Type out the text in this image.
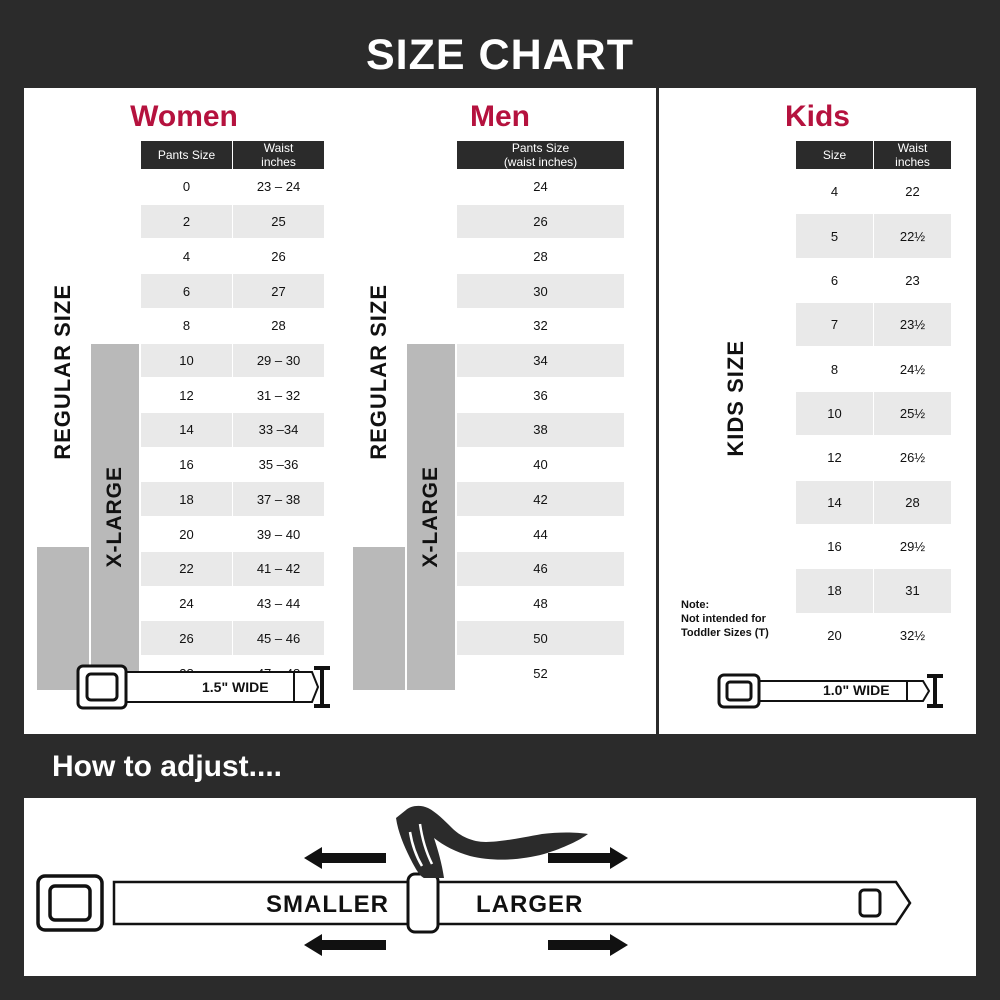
SIZE CHART
Women
REGULAR SIZE
X-LARGE
Pants Size	Waist
inches

0	23 – 24
2	25
4	26
6	27
8	28
10	29 – 30
12	31 – 32
14	33 –34
16	35 –36
18	37 – 38
20	39 – 40
22	41 – 42
24	43 – 44
26	45 – 46

1.5" WIDE
Men
REGULAR SIZE
X-LARGE
Pants Size
(waist inches)

24
26
28
30
32
34
36
38
40
42
44
46
48
50
52
Kids
KIDS SIZE
Note:
Not intended for
Toddler Sizes (T)
Size	Waist
inches

4	22
5	22½
6	23
7	23½
8	24½
10	25½
12	26½
14	28
16	29½
18	31
20	32½
1.0" WIDE
How to adjust....
SMALLER	LARGER
